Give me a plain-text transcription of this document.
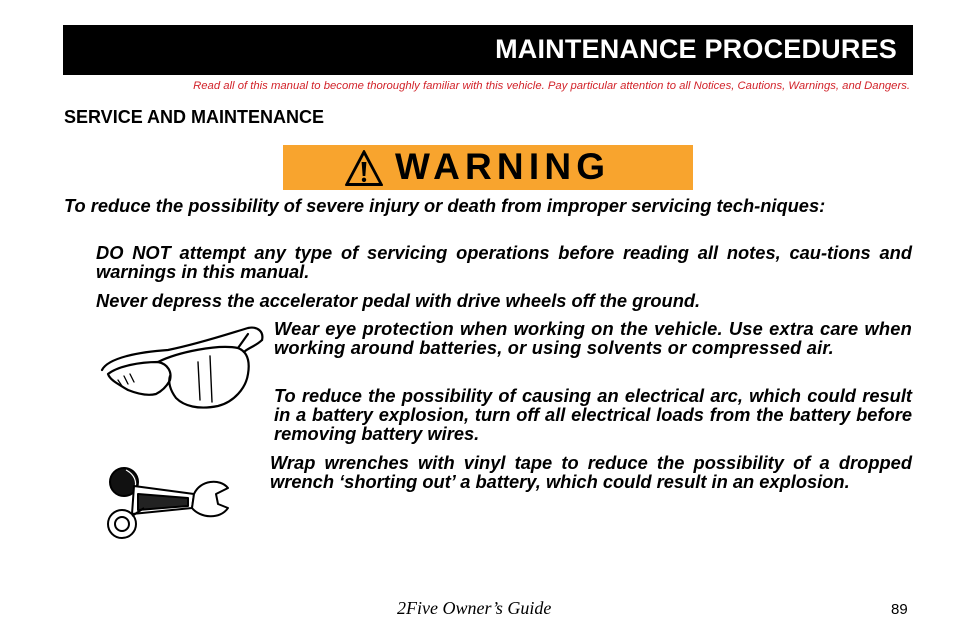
MAINTENANCE PROCEDURES
Read all of this manual to become thoroughly familiar with this vehicle. Pay particular attention to all Notices, Cautions, Warnings, and Dangers.
SERVICE AND MAINTENANCE
WARNING

To reduce the possibility of severe injury or death from improper servicing tech-niques:

DO NOT attempt any type of servicing operations before reading all notes, cau-tions and warnings in this manual.

Never depress the accelerator pedal with drive wheels off the ground.

Wear eye protection when working on the vehicle. Use extra care when working around batteries, or using solvents or compressed air.

To reduce the possibility of causing an electrical arc, which could result in a battery explosion, turn off all electrical loads from the battery before removing battery wires.

Wrap wrenches with vinyl tape to reduce the possibility of a dropped wrench ‘shorting out’ a battery, which could result in an explosion.

2Five Owner’s Guide	89
